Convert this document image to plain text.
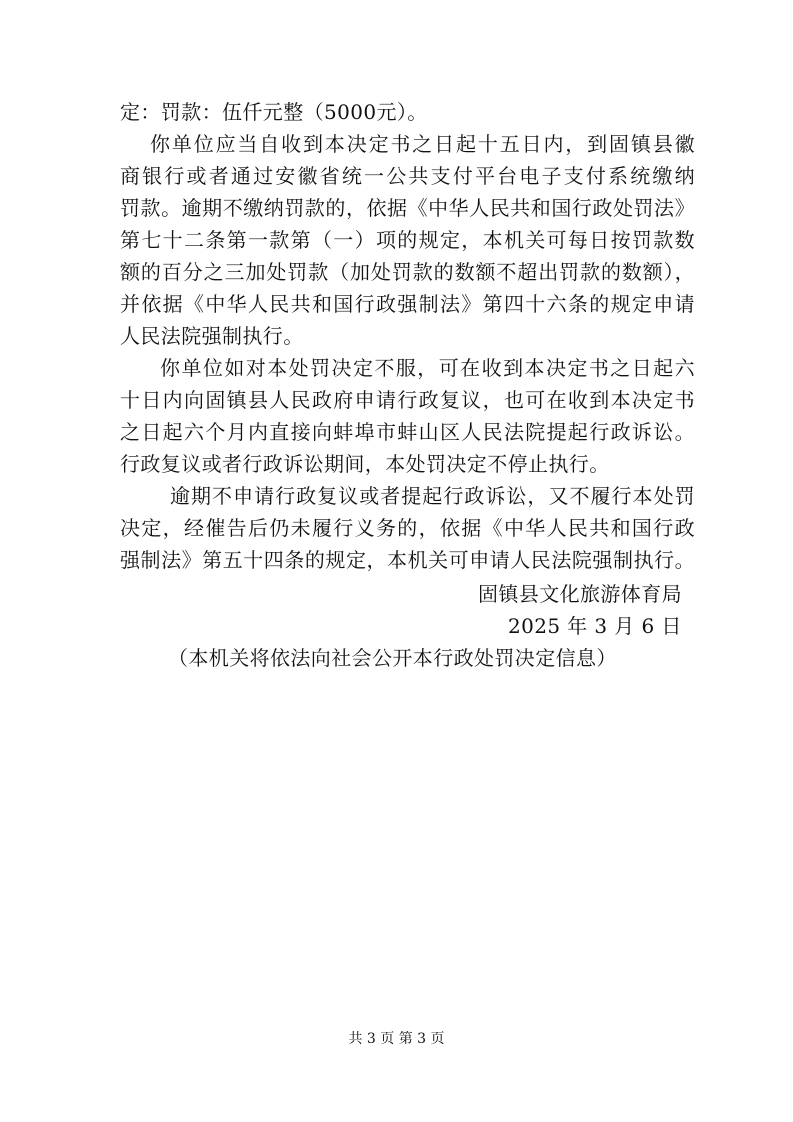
定：罚款：伍仟元整（5000元）。
你单位应当自收到本决定书之日起十五日内，到固镇县徽
商银行或者通过安徽省统一公共支付平台电子支付系统缴纳
罚款。逾期不缴纳罚款的，依据《中华人民共和国行政处罚法》
第七十二条第一款第（一）项的规定，本机关可每日按罚款数
额的百分之三加处罚款（加处罚款的数额不超出罚款的数额），
并依据《中华人民共和国行政强制法》第四十六条的规定申请
人民法院强制执行。
你单位如对本处罚决定不服，可在收到本决定书之日起六
十日内向固镇县人民政府申请行政复议，也可在收到本决定书
之日起六个月内直接向蚌埠市蚌山区人民法院提起行政诉讼。
行政复议或者行政诉讼期间，本处罚决定不停止执行。
逾期不申请行政复议或者提起行政诉讼，又不履行本处罚
决定，经催告后仍未履行义务的，依据《中华人民共和国行政
强制法》第五十四条的规定，本机关可申请人民法院强制执行。
固镇县文化旅游体育局
2025 年 3 月 6 日
（本机关将依法向社会公开本行政处罚决定信息）
共 3 页 第 3 页
